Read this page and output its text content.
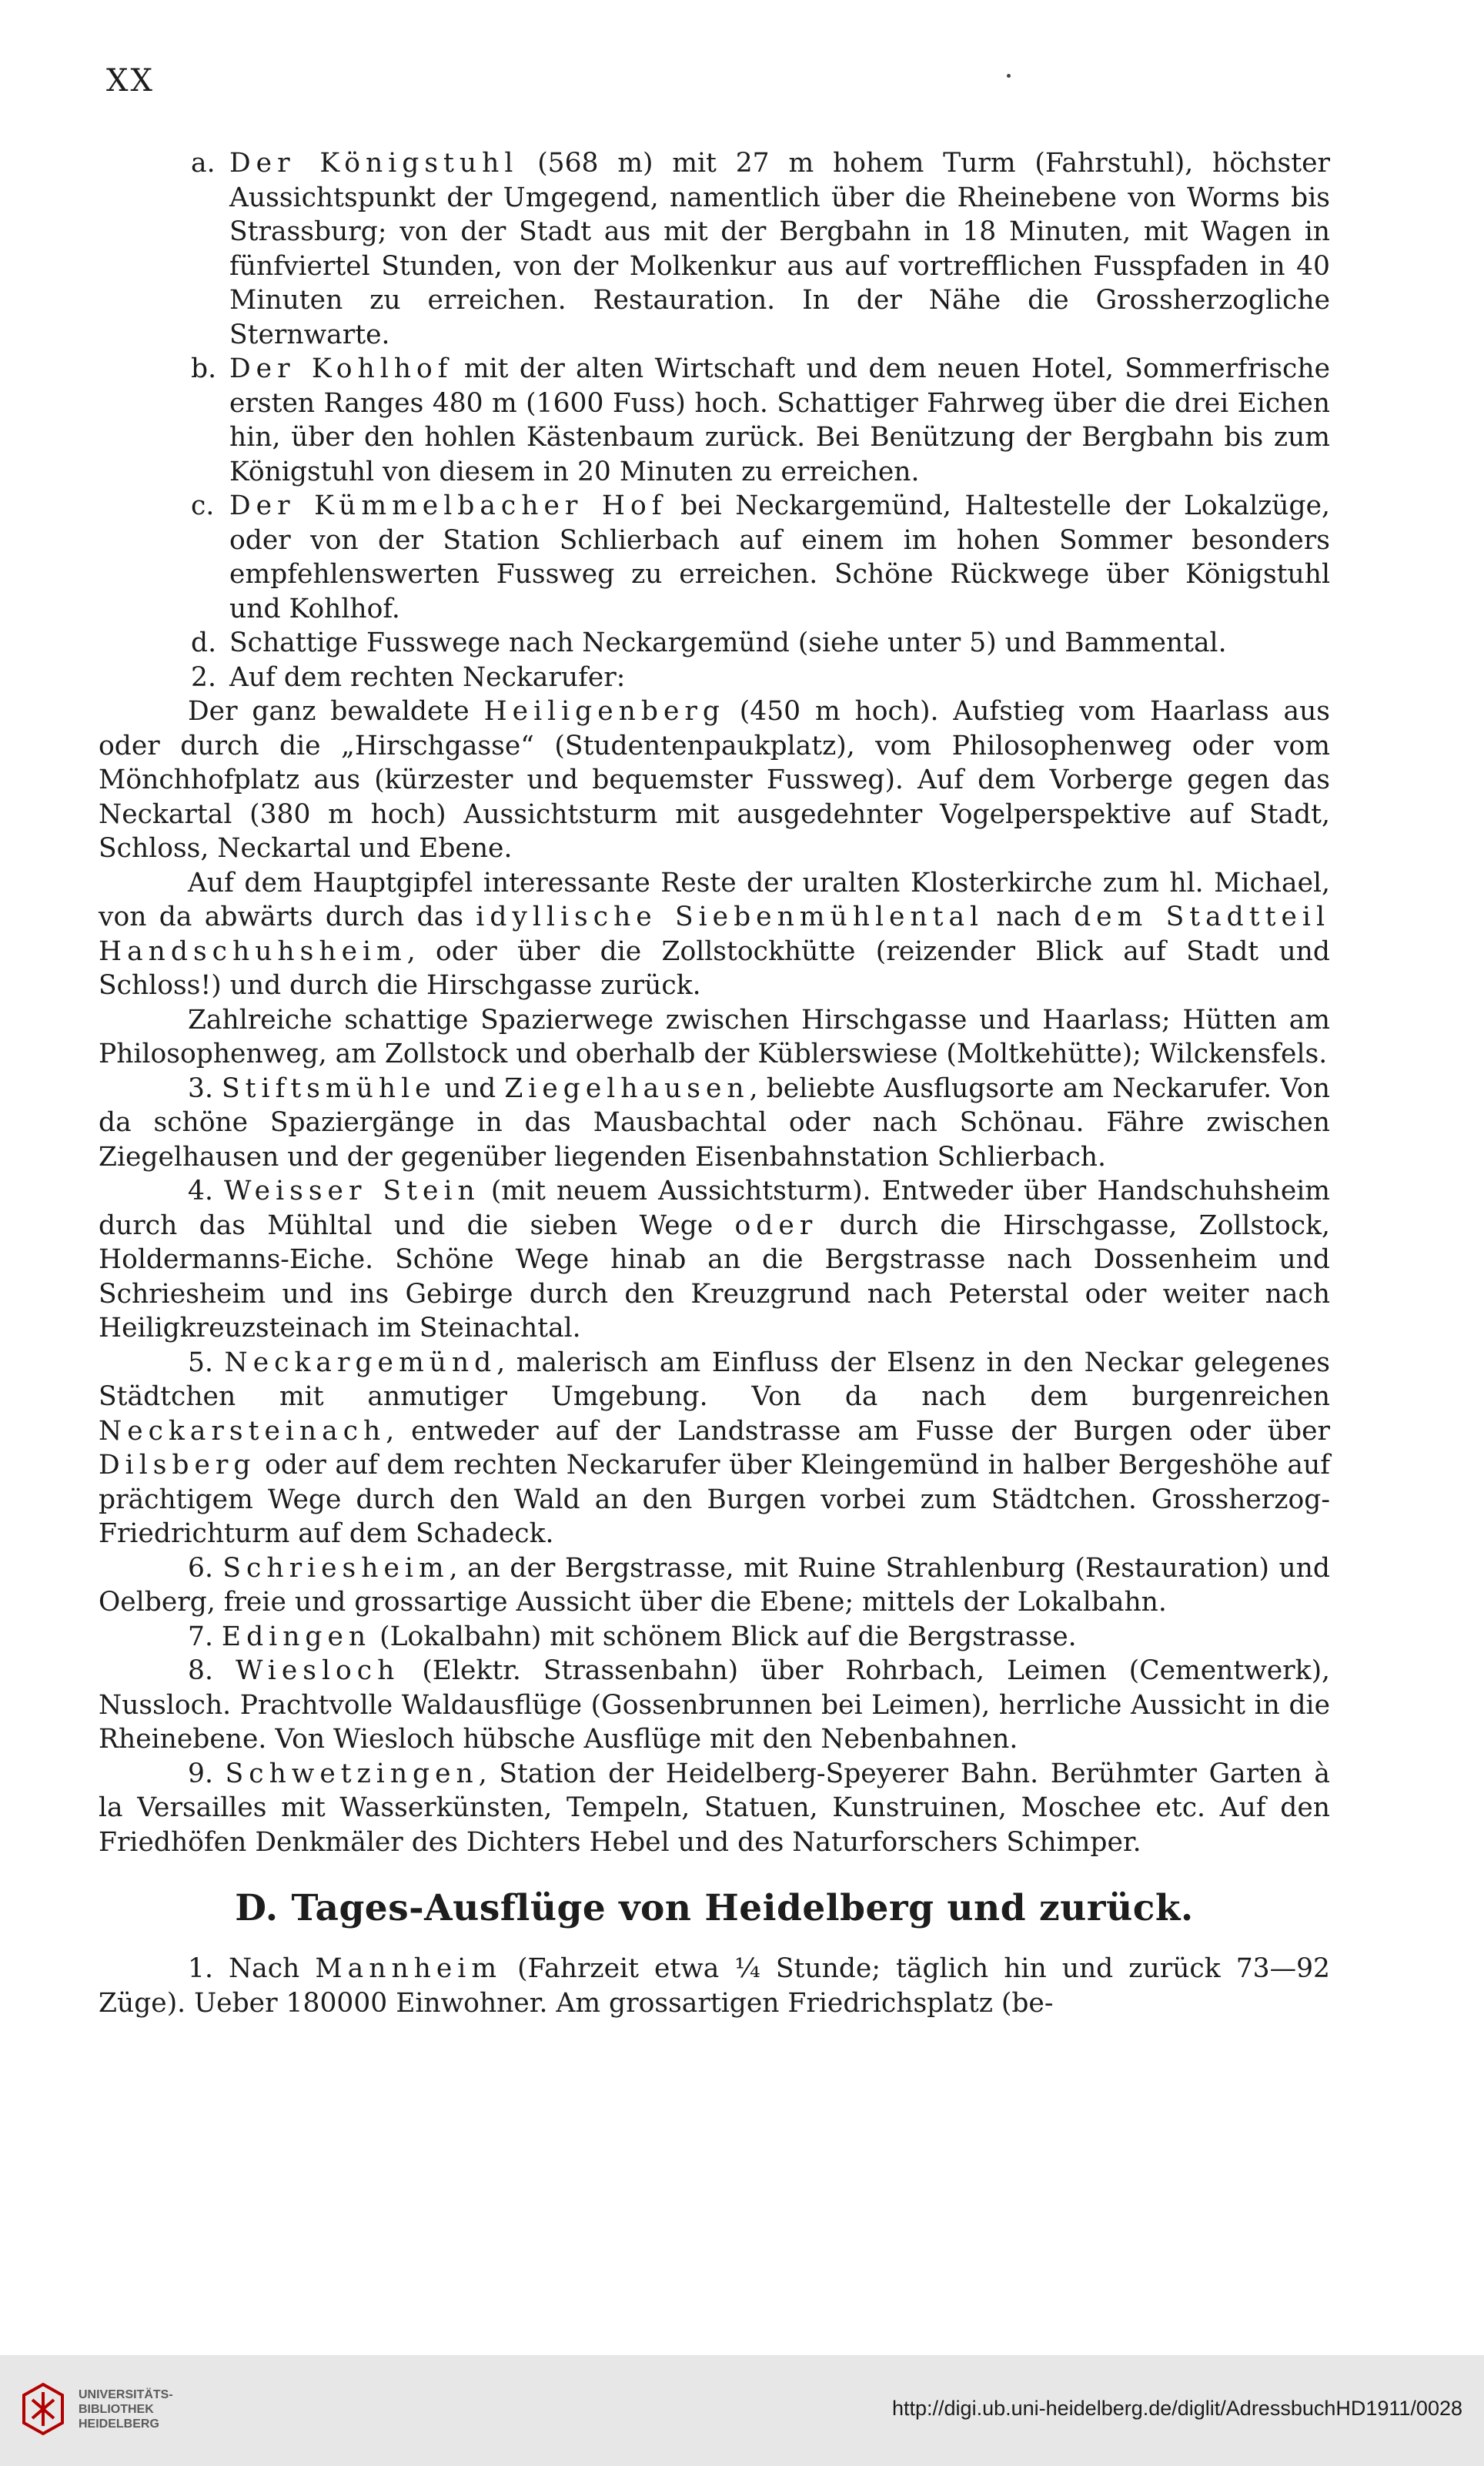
XX
a. Der Königstuhl (568 m) mit 27 m hohem Turm (Fahrstuhl), höchster Aussichtspunkt der Umgegend, namentlich über die Rheinebene von Worms bis Strassburg; von der Stadt aus mit der Bergbahn in 18 Minuten, mit Wagen in fünfviertel Stunden, von der Molkenkur aus auf vortrefflichen Fusspfaden in 40 Minuten zu erreichen. Restauration. In der Nähe die Grossherzogliche Sternwarte.
b. Der Kohlhof mit der alten Wirtschaft und dem neuen Hotel, Sommerfrische ersten Ranges 480 m (1600 Fuss) hoch. Schattiger Fahrweg über die drei Eichen hin, über den hohlen Kästenbaum zurück. Bei Benützung der Bergbahn bis zum Königstuhl von diesem in 20 Minuten zu erreichen.
c. Der Kümmelbacher Hof bei Neckargemünd, Haltestelle der Lokalzüge, oder von der Station Schlierbach auf einem im hohen Sommer besonders empfehlenswerten Fussweg zu erreichen. Schöne Rückwege über Königstuhl und Kohlhof.
d. Schattige Fusswege nach Neckargemünd (siehe unter 5) und Bammental.
2. Auf dem rechten Neckarufer:
Der ganz bewaldete Heiligenberg (450 m hoch). Aufstieg vom Haarlass aus oder durch die „Hirschgasse“ (Studentenpaukplatz), vom Philosophenweg oder vom Mönchhofplatz aus (kürzester und bequemster Fussweg). Auf dem Vorberge gegen das Neckartal (380 m hoch) Aussichtsturm mit ausgedehnter Vogelperspektive auf Stadt, Schloss, Neckartal und Ebene.
Auf dem Hauptgipfel interessante Reste der uralten Klosterkirche zum hl. Michael, von da abwärts durch das idyllische Siebenmühlental nach dem Stadtteil Handschuhsheim, oder über die Zollstockhütte (reizender Blick auf Stadt und Schloss!) und durch die Hirschgasse zurück.
Zahlreiche schattige Spazierwege zwischen Hirschgasse und Haarlass; Hütten am Philosophenweg, am Zollstock und oberhalb der Küblerswiese (Moltkehütte); Wilckensfels.
3. Stiftsmühle und Ziegelhausen, beliebte Ausflugsorte am Neckarufer. Von da schöne Spaziergänge in das Mausbachtal oder nach Schönau. Fähre zwischen Ziegelhausen und der gegenüber liegenden Eisenbahnstation Schlierbach.
4. Weisser Stein (mit neuem Aussichtsturm). Entweder über Handschuhsheim durch das Mühltal und die sieben Wege oder durch die Hirschgasse, Zollstock, Holdermanns-Eiche. Schöne Wege hinab an die Bergstrasse nach Dossenheim und Schriesheim und ins Gebirge durch den Kreuzgrund nach Peterstal oder weiter nach Heiligkreuzsteinach im Steinachtal.
5. Neckargemünd, malerisch am Einfluss der Elsenz in den Neckar gelegenes Städtchen mit anmutiger Umgebung. Von da nach dem burgenreichen Neckarsteinach, entweder auf der Landstrasse am Fusse der Burgen oder über Dilsberg oder auf dem rechten Neckarufer über Kleingemünd in halber Bergeshöhe auf prächtigem Wege durch den Wald an den Burgen vorbei zum Städtchen. Grossherzog-Friedrichturm auf dem Schadeck.
6. Schriesheim, an der Bergstrasse, mit Ruine Strahlenburg (Restauration) und Oelberg, freie und grossartige Aussicht über die Ebene; mittels der Lokalbahn.
7. Edingen (Lokalbahn) mit schönem Blick auf die Bergstrasse.
8. Wiesloch (Elektr. Strassenbahn) über Rohrbach, Leimen (Cementwerk), Nussloch. Prachtvolle Waldausflüge (Gossenbrunnen bei Leimen), herrliche Aussicht in die Rheinebene. Von Wiesloch hübsche Ausflüge mit den Nebenbahnen.
9. Schwetzingen, Station der Heidelberg-Speyerer Bahn. Berühmter Garten à la Versailles mit Wasserkünsten, Tempeln, Statuen, Kunstruinen, Moschee etc. Auf den Friedhöfen Denkmäler des Dichters Hebel und des Naturforschers Schimper.
D. Tages-Ausflüge von Heidelberg und zurück.
1. Nach Mannheim (Fahrzeit etwa ¼ Stunde; täglich hin und zurück 73—92 Züge). Ueber 180000 Einwohner. Am grossartigen Friedrichsplatz (be-
UNIVERSITÄTS-
BIBLIOTHEK
HEIDELBERG
http://digi.ub.uni-heidelberg.de/diglit/AdressbuchHD1911/0028
